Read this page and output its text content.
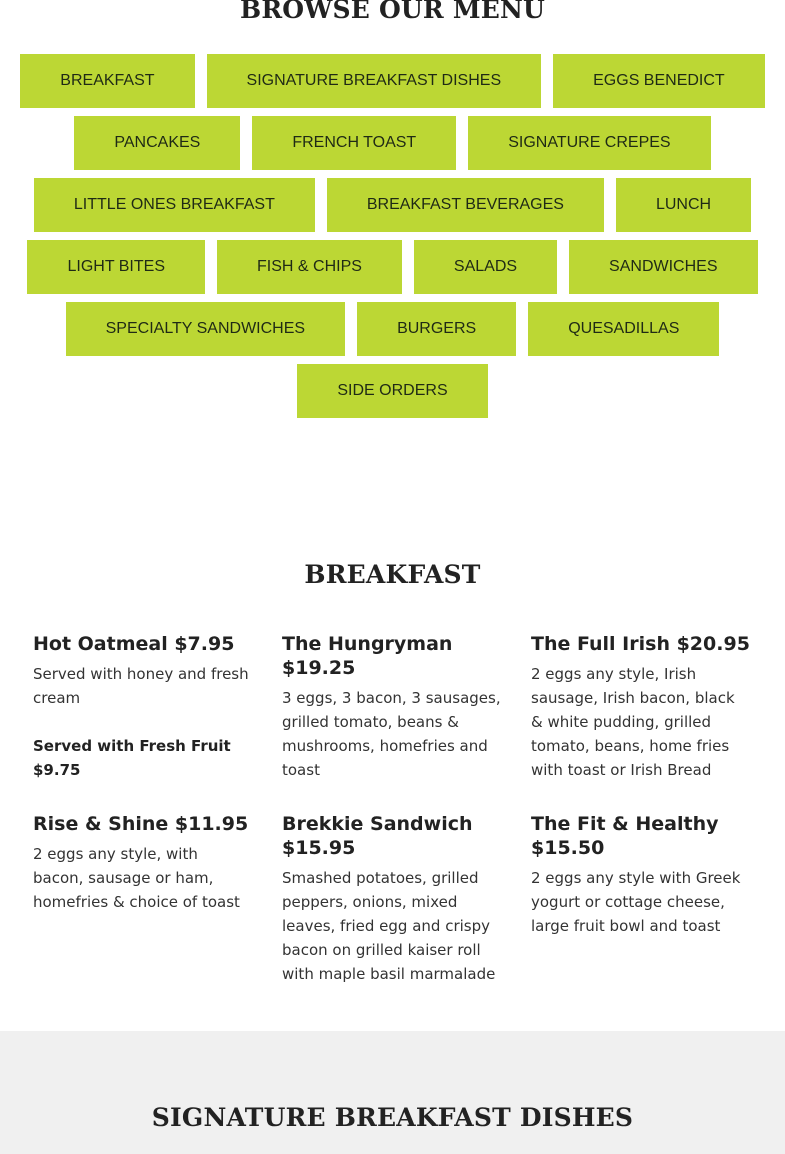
BROWSE OUR MENU
BREAKFAST	SIGNATURE BREAKFAST DISHES	EGGS BENEDICT
PANCAKES	FRENCH TOAST	SIGNATURE CREPES
LITTLE ONES BREAKFAST	BREAKFAST BEVERAGES	LUNCH
LIGHT BITES	FISH & CHIPS	SALADS	SANDWICHES
SPECIALTY SANDWICHES	BURGERS	QUESADILLAS
SIDE ORDERS
BREAKFAST

Hot Oatmeal $7.95

Served with honey and fresh cream

Served with Fresh Fruit $9.75

The Hungryman $19.25

3 eggs, 3 bacon, 3 sausages, grilled tomato, beans & mushrooms, homefries and toast

The Full Irish $20.95

2 eggs any style, Irish sausage, Irish bacon, black & white pudding, grilled tomato, beans, home fries with toast or Irish Bread

Rise & Shine $11.95

2 eggs any style, with bacon, sausage or ham, homefries & choice of toast

Brekkie Sandwich $15.95

Smashed potatoes, grilled peppers, onions, mixed leaves, fried egg and crispy bacon on grilled kaiser roll with maple basil marmalade

The Fit & Healthy $15.50

2 eggs any style with Greek yogurt or cottage cheese, large fruit bowl and toast

SIGNATURE BREAKFAST DISHES
